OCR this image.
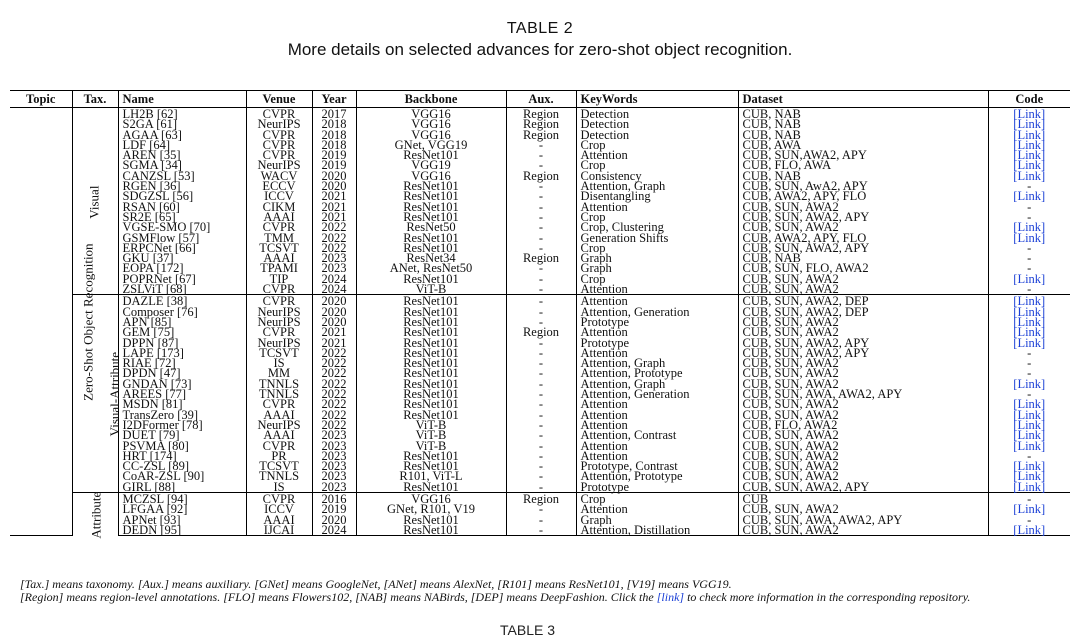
TABLE 2
More details on selected advances for zero-shot object recognition.
Topic	Tax.	Name	Venue	Year	Backbone	Aux.	KeyWords	Dataset	Code
Zero-Shot Object Recognition	Visual	LH2B [62]	CVPR	2017	VGG16	Region	Detection	CUB, NAB	[Link]
		S2GA [61]	NeurIPS	2018	VGG16	Region	Detection	CUB, NAB	[Link]
		AGAA [63]	CVPR	2018	VGG16	Region	Detection	CUB, NAB	[Link]
		LDF [64]	CVPR	2018	GNet, VGG19	-	Crop	CUB, AWA	[Link]
		AREN [35]	CVPR	2019	ResNet101	-	Attention	CUB, SUN,AWA2, APY	[Link]
		SGMA [34]	NeurIPS	2019	VGG19	-	Crop	CUB, FLO, AWA	[Link]
		CANZSL [53]	WACV	2020	VGG16	Region	Consistency	CUB, NAB	[Link]
		RGEN [36]	ECCV	2020	ResNet101	-	Attention, Graph	CUB, SUN, AwA2, APY	-
		SDGZSL [56]	ICCV	2021	ResNet101	-	Disentangling	CUB, AWA2, APY, FLO	[Link]
		RSAN [60]	CIKM	2021	ResNet101	-	Attention	CUB, SUN, AWA2	-
		SR2E [65]	AAAI	2021	ResNet101	-	Crop	CUB, SUN, AWA2, APY	-
		VGSE-SMO [70]	CVPR	2022	ResNet50	-	Crop, Clustering	CUB, SUN, AWA2	[Link]
		GSMFlow [57]	TMM	2022	ResNet101	-	Generation Shifts	CUB, AWA2, APY, FLO	[Link]
		ERPCNet [66]	TCSVT	2022	ResNet101	-	Crop	CUB, SUN, AWA2, APY	-
		GKU [37]	AAAI	2023	ResNet34	Region	Graph	CUB, NAB	-
		EOPA [172]	TPAMI	2023	ANet, ResNet50	-	Graph	CUB, SUN, FLO, AWA2	-
		POPRNet [67]	TIP	2024	ResNet101	-	Crop	CUB, SUN, AWA2	[Link]
		ZSLViT [68]	CVPR	2024	ViT-B	-	Attention	CUB, SUN, AWA2	-
	Visual-Attribute	DAZLE [38]	CVPR	2020	ResNet101	-	Attention	CUB, SUN, AWA2, DEP	[Link]
		Composer [76]	NeurIPS	2020	ResNet101	-	Attention, Generation	CUB, SUN, AWA2, DEP	[Link]
		APN [85]	NeurIPS	2020	ResNet101	-	Prototype	CUB, SUN, AWA2	[Link]
		GEM [75]	CVPR	2021	ResNet101	Region	Attention	CUB, SUN, AWA2	[Link]
		DPPN [87]	NeurIPS	2021	ResNet101	-	Prototype	CUB, SUN, AWA2, APY	[Link]
		LAPE [173]	TCSVT	2022	ResNet101	-	Attention	CUB, SUN, AWA2, APY	-
		RIAE [72]	IS	2022	ResNet101	-	Attention, Graph	CUB, SUN, AWA2	-
		DPDN [47]	MM	2022	ResNet101	-	Attention, Prototype	CUB, SUN, AWA2	-
		GNDAN [73]	TNNLS	2022	ResNet101	-	Attention, Graph	CUB, SUN, AWA2	[Link]
		AREES [77]	TNNLS	2022	ResNet101	-	Attention, Generation	CUB, SUN, AWA, AWA2, APY	-
		MSDN [81]	CVPR	2022	ResNet101	-	Attention	CUB, SUN, AWA2	[Link]
		TransZero [39]	AAAI	2022	ResNet101	-	Attention	CUB, SUN, AWA2	[Link]
		I2DFormer [78]	NeurIPS	2022	ViT-B	-	Attention	CUB, FLO, AWA2	[Link]
		DUET [79]	AAAI	2023	ViT-B	-	Attention, Contrast	CUB, SUN, AWA2	[Link]
		PSVMA [80]	CVPR	2023	ViT-B	-	Attention	CUB, SUN, AWA2	[Link]
		HRT [174]	PR	2023	ResNet101	-	Attention	CUB, SUN, AWA2	-
		CC-ZSL [89]	TCSVT	2023	ResNet101	-	Prototype, Contrast	CUB, SUN, AWA2	[Link]
		CoAR-ZSL [90]	TNNLS	2023	R101, ViT-L	-	Attention, Prototype	CUB, SUN, AWA2	[Link]
		GIRL [88]	IS	2023	ResNet101	-	Prototype	CUB, SUN, AWA2, APY	[Link]
	Attribute	MCZSL [94]	CVPR	2016	VGG16	Region	Crop	CUB	-
		LFGAA [92]	ICCV	2019	GNet, R101, V19	-	Attention	CUB, SUN, AWA2	[Link]
		APNet [93]	AAAI	2020	ResNet101	-	Graph	CUB, SUN, AWA, AWA2, APY	-
		DEDN [95]	IJCAI	2024	ResNet101	-	Attention, Distillation	CUB, SUN, AWA2	[Link]

[Tax.] means taxonomy. [Aux.] means auxiliary. [GNet] means GoogleNet, [ANet] means AlexNet, [R101] means ResNet101, [V19] means VGG19.

[Region] means region-level annotations. [FLO] means Flowers102, [NAB] means NABirds, [DEP] means DeepFashion. Click the [link] to check more information in the corresponding repository.

TABLE 3
